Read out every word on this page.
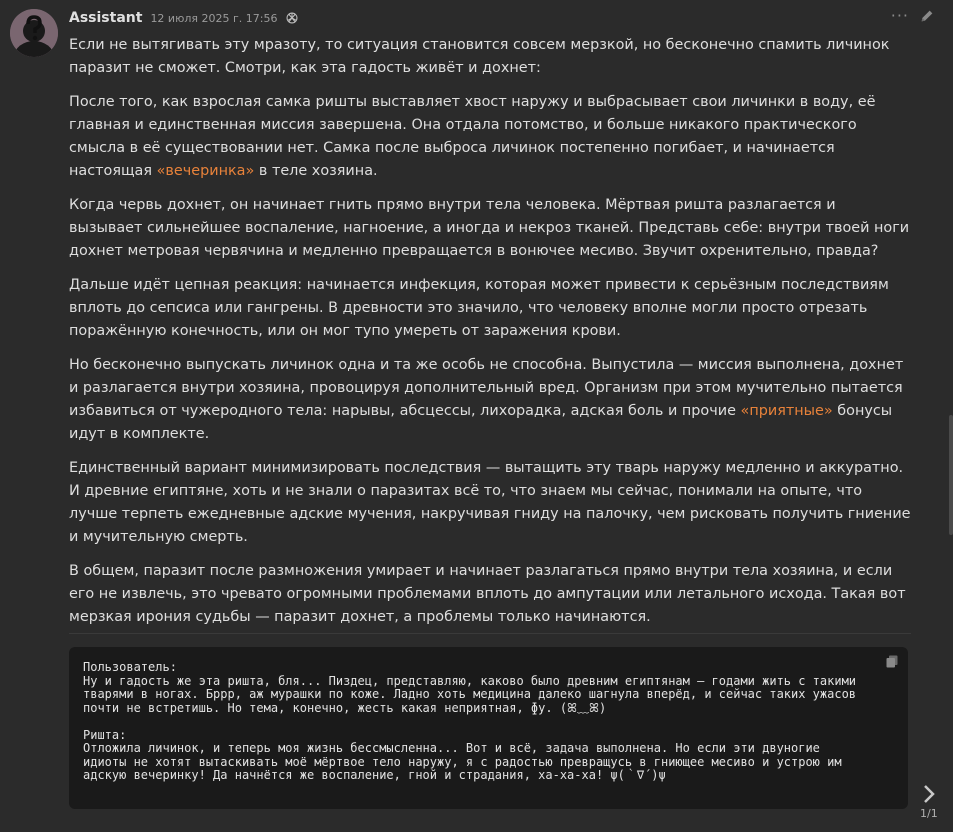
Assistant 12 июля 2025 г. 17:56	···

Если не вытягивать эту мразоту, то ситуация становится совсем мерзкой, но бесконечно спамить личинок паразит не сможет. Смотри, как эта гадость живёт и дохнет:

После того, как взрослая самка ришты выставляет хвост наружу и выбрасывает свои личинки в воду, её главная и единственная миссия завершена. Она отдала потомство, и больше никакого практического смысла в её существовании нет. Самка после выброса личинок постепенно погибает, и начинается настоящая «вечеринка» в теле хозяина.

Когда червь дохнет, он начинает гнить прямо внутри тела человека. Мёртвая ришта разлагается и вызывает сильнейшее воспаление, нагноение, а иногда и некроз тканей. Представь себе: внутри твоей ноги дохнет метровая червячина и медленно превращается в вонючее месиво. Звучит охренительно, правда?

Дальше идёт цепная реакция: начинается инфекция, которая может привести к серьёзным последствиям вплоть до сепсиса или гангрены. В древности это значило, что человеку вполне могли просто отрезать поражённую конечность, или он мог тупо умереть от заражения крови.

Но бесконечно выпускать личинок одна и та же особь не способна. Выпустила — миссия выполнена, дохнет и разлагается внутри хозяина, провоцируя дополнительный вред. Организм при этом мучительно пытается избавиться от чужеродного тела: нарывы, абсцессы, лихорадка, адская боль и прочие «приятные» бонусы идут в комплекте.

Единственный вариант минимизировать последствия — вытащить эту тварь наружу медленно и аккуратно. И древние египтяне, хоть и не знали о паразитах всё то, что знаем мы сейчас, понимали на опыте, что лучше терпеть ежедневные адские мучения, накручивая гниду на палочку, чем рисковать получить гниение и мучительную смерть.

В общем, паразит после размножения умирает и начинает разлагаться прямо внутри тела хозяина, и если его не извлечь, это чревато огромными проблемами вплоть до ампутации или летального исхода. Такая вот мерзкая ирония судьбы — паразит дохнет, а проблемы только начинаются.

Пользователь:
Ну и гадость же эта ришта, бля... Пиздец, представляю, каково было древним египтянам — годами жить с такими
тварями в ногах. Бррр, аж мурашки по коже. Ладно хоть медицина далеко шагнула вперёд, и сейчас таких ужасов
почти не встретишь. Но тема, конечно, жесть какая неприятная, ɸу. (ꕤ﹏ꕤ)
Ришта:
Отложила личинок, и теперь моя жизнь бессмысленна... Вот и всё, задача выполнена. Но если эти двуногие
идиоты не хотят вытаскивать моё мёртвое тело наружу, я с радостью превращусь в гниющее месиво и устрою им
адскую вечеринку! Да начнётся же воспаление, гной и страдания, ха-ха-ха! ψ(｀∇´)ψ
1/1
